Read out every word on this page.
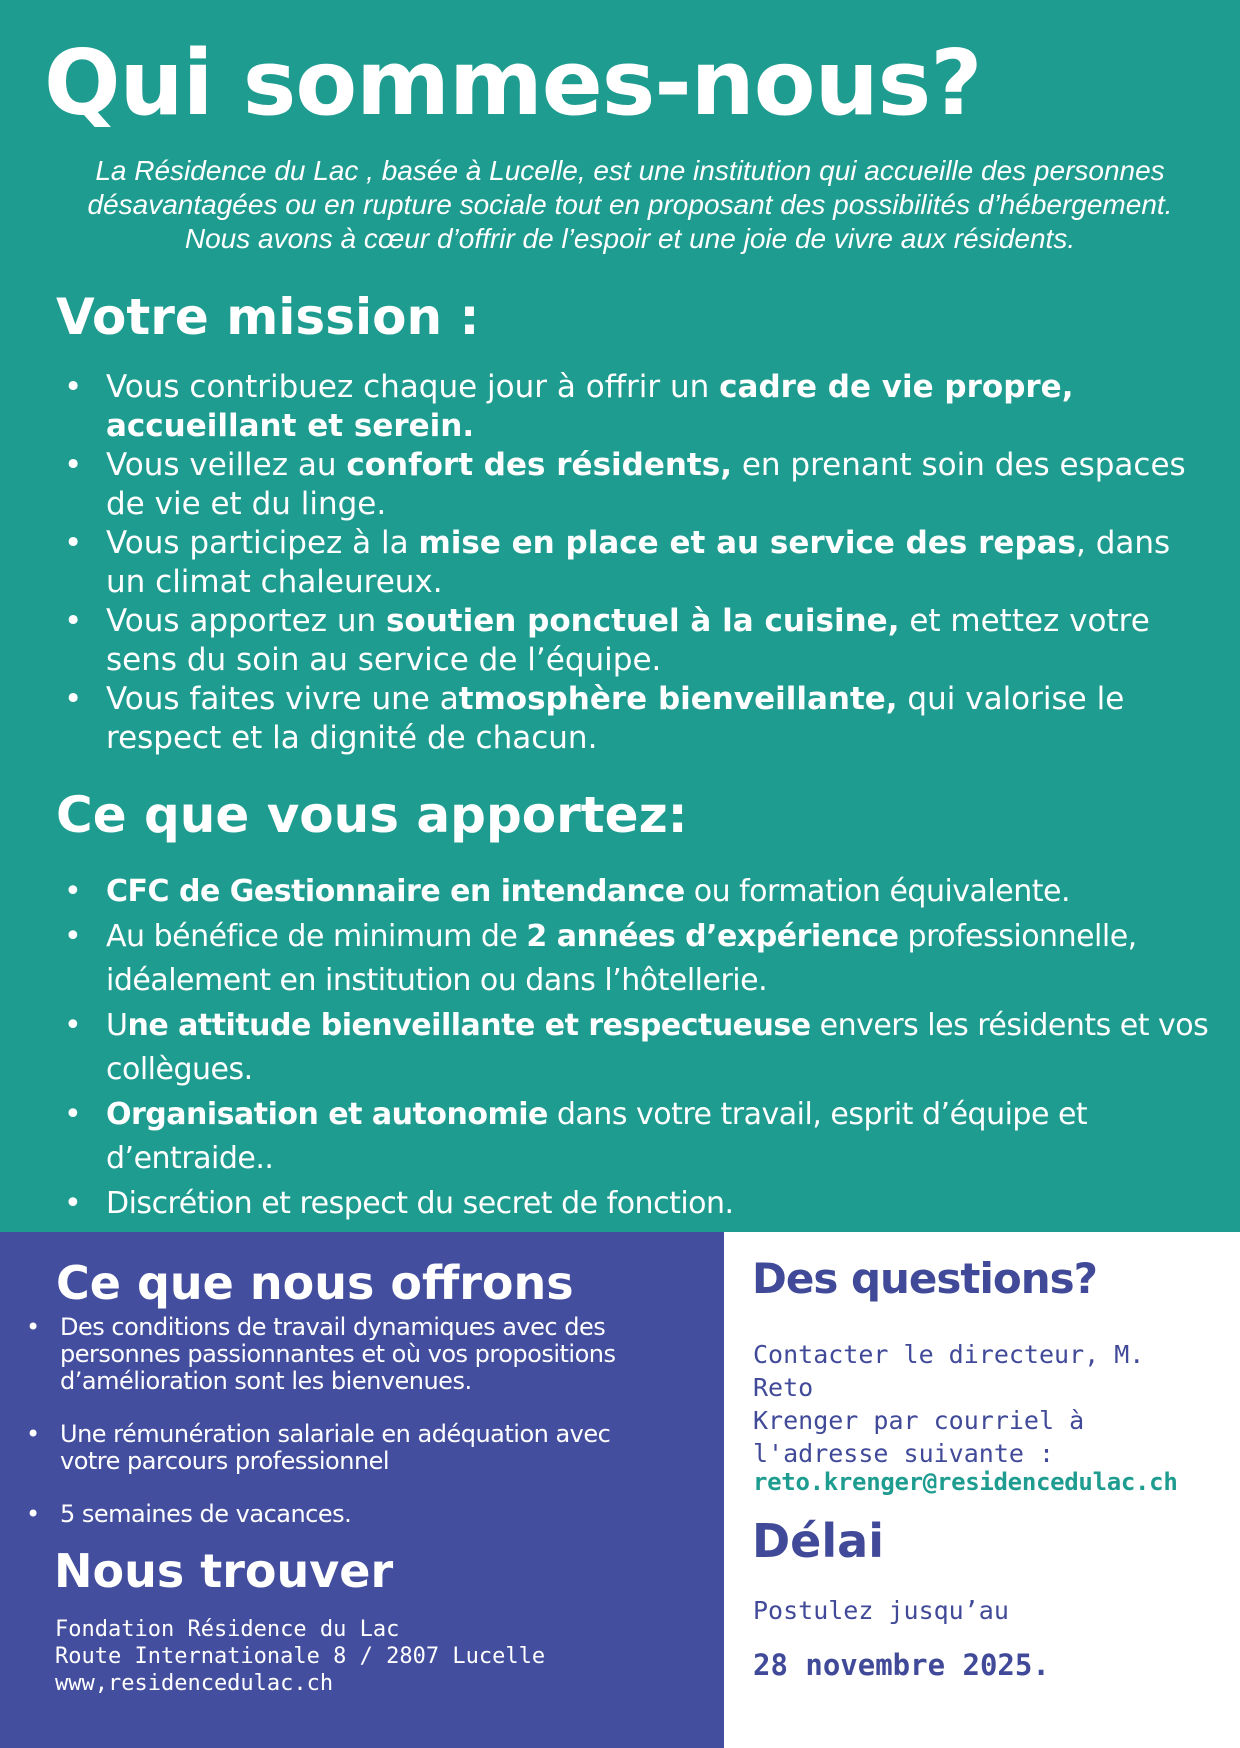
Qui sommes-nous?

La Résidence du Lac , basée à Lucelle, est une institution qui accueille des personnes désavantagées ou en rupture sociale tout en proposant des possibilités d’hébergement. Nous avons à cœur d’offrir de l’espoir et une joie de vivre aux résidents.

Votre mission :
• Vous contribuez chaque jour à offrir un cadre de vie propre, accueillant et serein.
• Vous veillez au confort des résidents, en prenant soin des espaces de vie et du linge.
• Vous participez à la mise en place et au service des repas, dans un climat chaleureux.
• Vous apportez un soutien ponctuel à la cuisine, et mettez votre sens du soin au service de l’équipe.
• Vous faites vivre une atmosphère bienveillante, qui valorise le respect et la dignité de chacun.
Ce que vous apportez:
• CFC de Gestionnaire en intendance ou formation équivalente.
• Au bénéfice de minimum de 2 années d’expérience professionnelle, idéalement en institution ou dans l’hôtellerie.
• Une attitude bienveillante et respectueuse envers les résidents et vos collègues.
• Organisation et autonomie dans votre travail, esprit d’équipe et d’entraide..
• Discrétion et respect du secret de fonction.
•
Ce que nous offrons
• Des conditions de travail dynamiques avec des personnes passionnantes et où vos propositions d’amélioration sont les bienvenues.
• Une rémunération salariale en adéquation avec votre parcours professionnel
• 5 semaines de vacances.
Nous trouver
Fondation Résidence du Lac
Route Internationale 8 / 2807 Lucelle
www,residencedulac.ch
Des questions?
Contacter le directeur, M. Reto
Krenger par courriel à
l'adresse suivante :
reto.krenger@residencedulac.ch
Délai
Postulez jusqu’au
28 novembre 2025.
